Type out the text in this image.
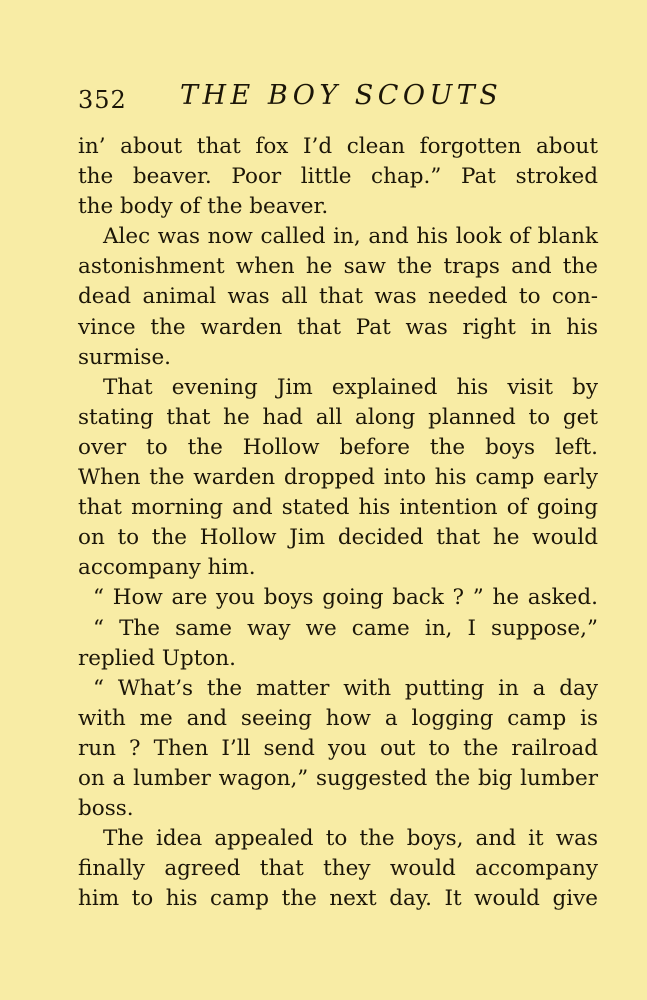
352 THE BOY SCOUTS
in’ about that fox I’d clean forgotten about
the beaver. Poor little chap.” Pat stroked
the body of the beaver.
Alec was now called in, and his look of blank
astonishment when he saw the traps and the
dead animal was all that was needed to con-
vince the warden that Pat was right in his
surmise.
That evening Jim explained his visit by
stating that he had all along planned to get
over to the Hollow before the boys left.
When the warden dropped into his camp early
that morning and stated his intention of going
on to the Hollow Jim decided that he would
accompany him.
“ How are you boys going back ? ” he asked.
“ The same way we came in, I suppose,”
replied Upton.
“ What’s the matter with putting in a day
with me and seeing how a logging camp is
run ? Then I’ll send you out to the railroad
on a lumber wagon,” suggested the big lumber
boss.
The idea appealed to the boys, and it was
finally agreed that they would accompany
him to his camp the next day. It would give
